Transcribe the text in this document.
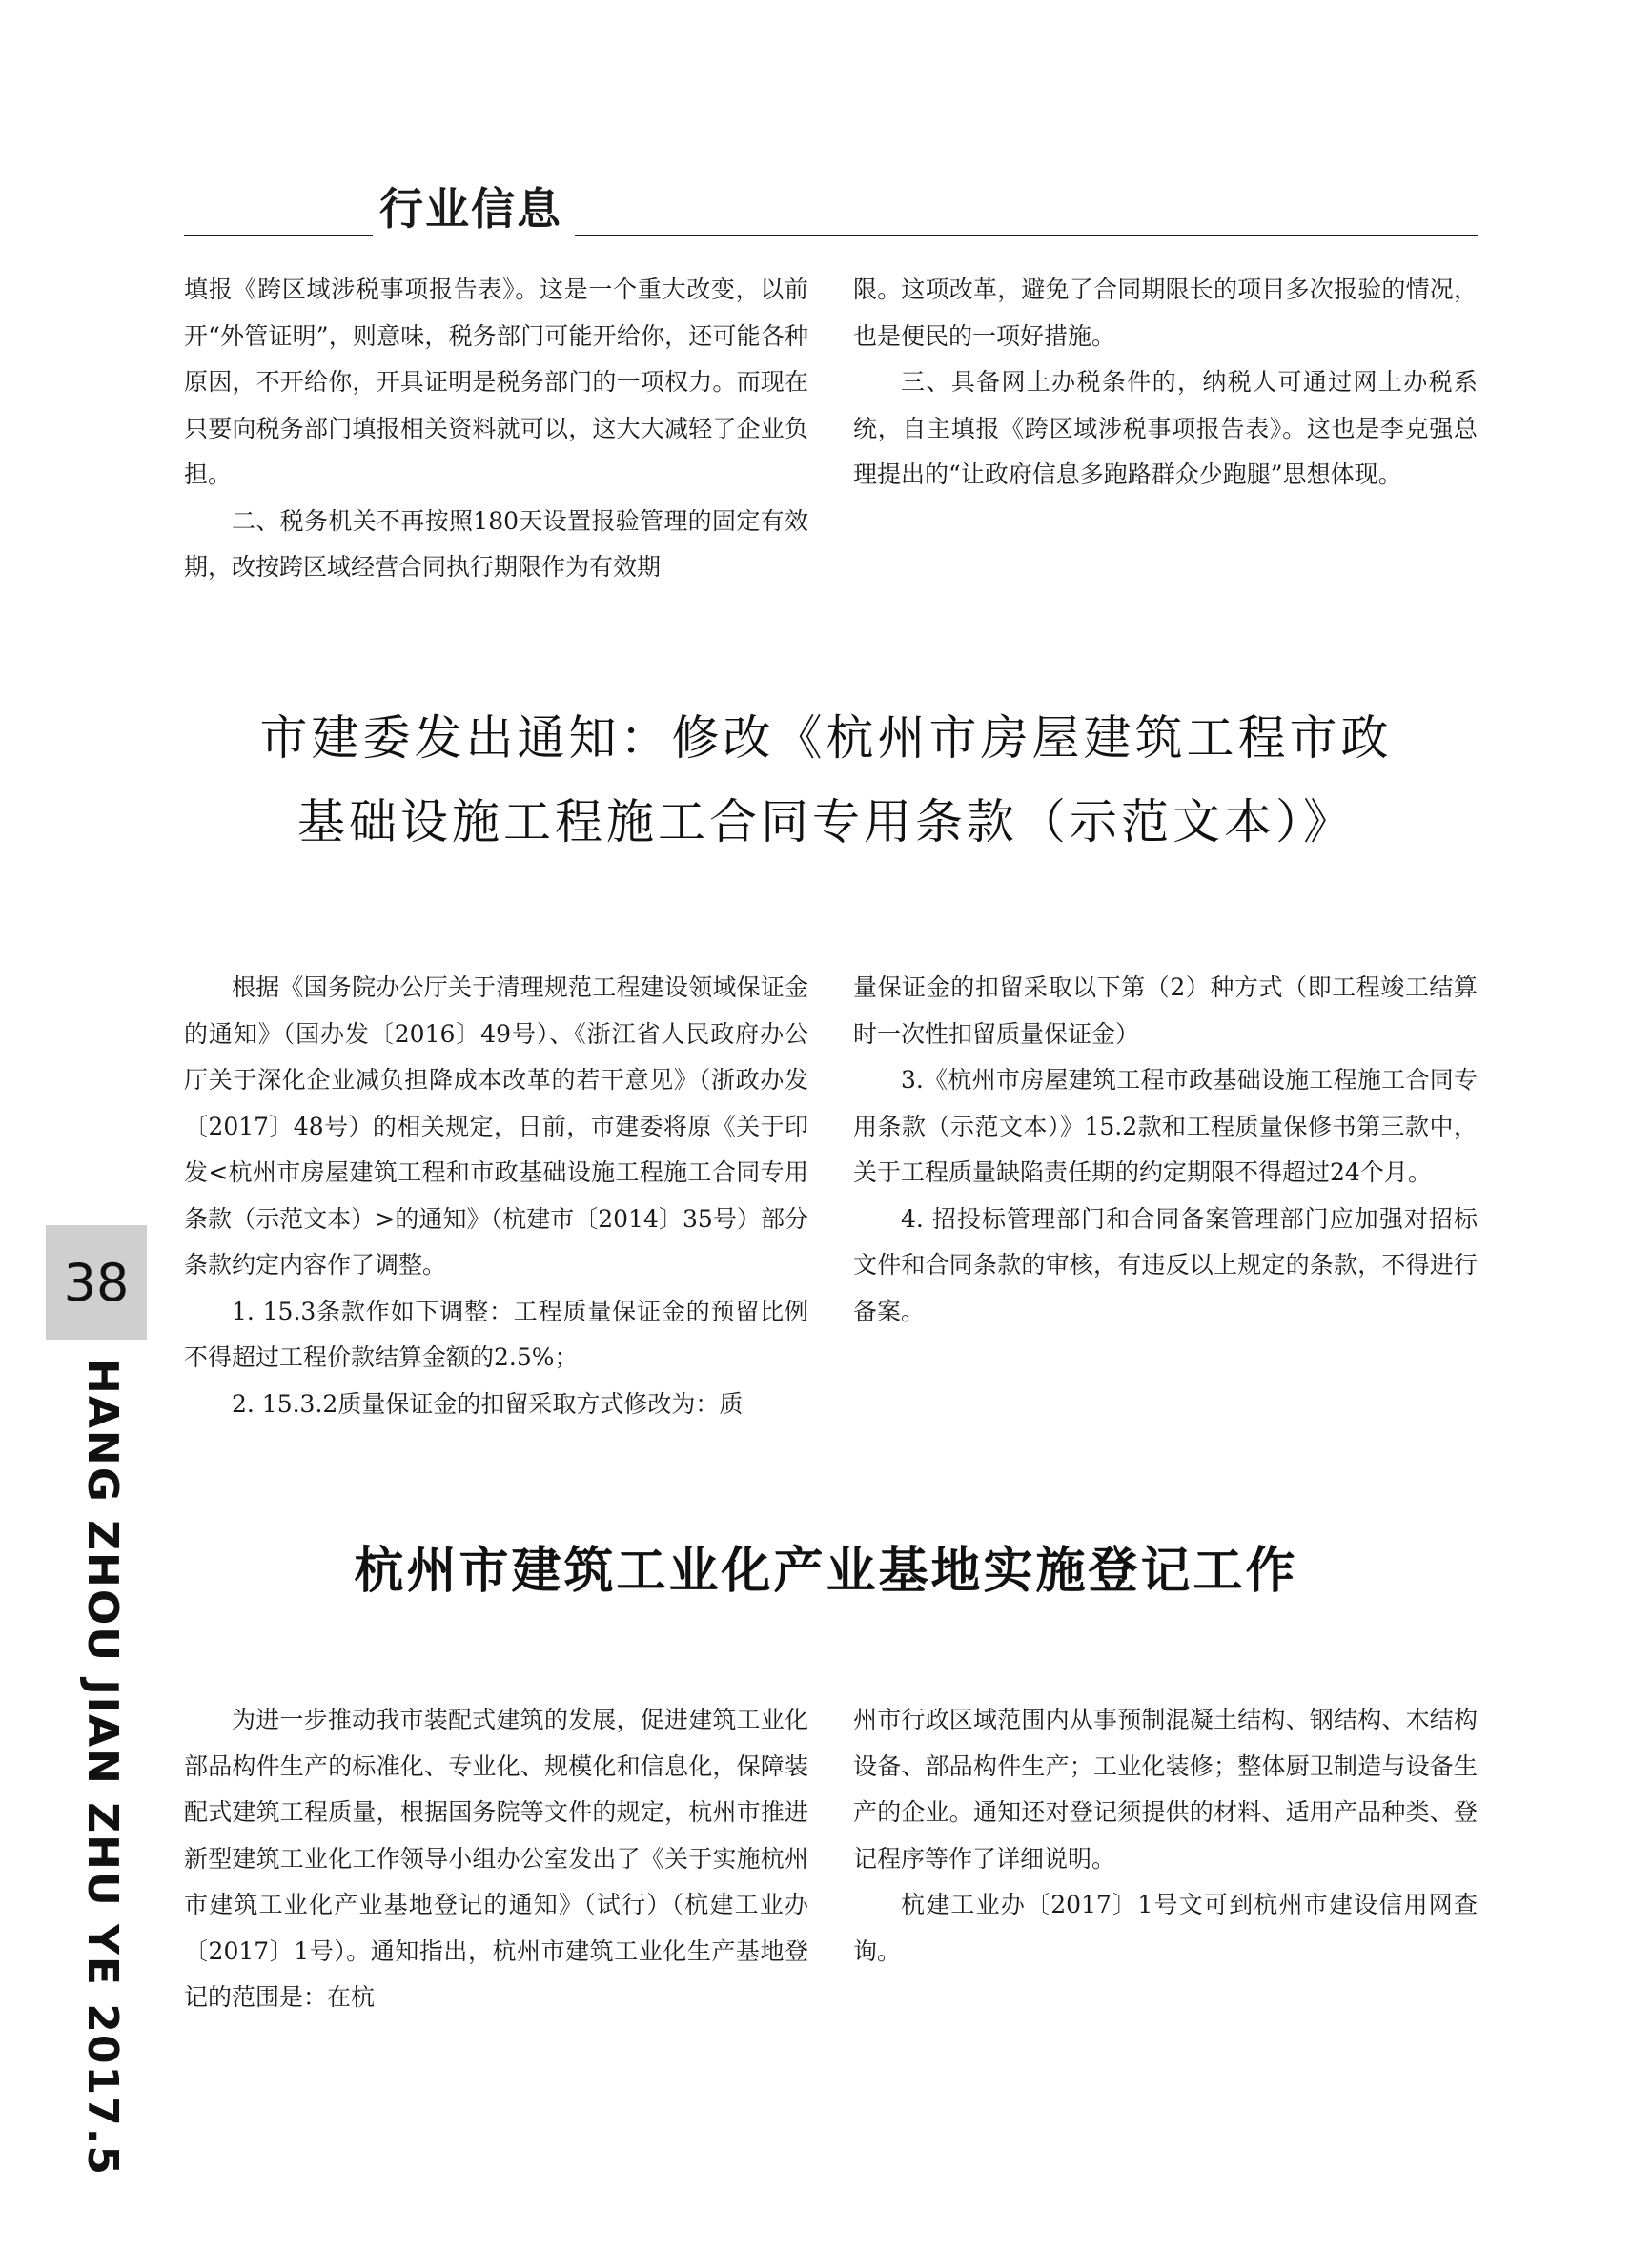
行业信息

填报《跨区域涉税事项报告表》。这是一个重大改变，以前开“外管证明”，则意味，税务部门可能开给你，还可能各种原因，不开给你，开具证明是税务部门的一项权力。而现在只要向税务部门填报相关资料就可以，这大大减轻了企业负担。

二、税务机关不再按照180天设置报验管理的固定有效期，改按跨区域经营合同执行期限作为有效期

限。这项改革，避免了合同期限长的项目多次报验的情况，也是便民的一项好措施。

三、具备网上办税条件的，纳税人可通过网上办税系统，自主填报《跨区域涉税事项报告表》。这也是李克强总理提出的“让政府信息多跑路群众少跑腿”思想体现。

市建委发出通知：修改《杭州市房屋建筑工程市政
基础设施工程施工合同专用条款（示范文本）》

根据《国务院办公厅关于清理规范工程建设领域保证金的通知》（国办发〔2016〕49号）、《浙江省人民政府办公厅关于深化企业减负担降成本改革的若干意见》（浙政办发〔2017〕48号）的相关规定，日前，市建委将原《关于印发<杭州市房屋建筑工程和市政基础设施工程施工合同专用条款（示范文本）>的通知》（杭建市〔2014〕35号）部分条款约定内容作了调整。

1. 15.3条款作如下调整：工程质量保证金的预留比例不得超过工程价款结算金额的2.5%；

2. 15.3.2质量保证金的扣留采取方式修改为：质

量保证金的扣留采取以下第（2）种方式（即工程竣工结算时一次性扣留质量保证金）

3.《杭州市房屋建筑工程市政基础设施工程施工合同专用条款（示范文本）》15.2款和工程质量保修书第三款中，关于工程质量缺陷责任期的约定期限不得超过24个月。

4. 招投标管理部门和合同备案管理部门应加强对招标文件和合同条款的审核，有违反以上规定的条款，不得进行备案。

杭州市建筑工业化产业基地实施登记工作

为进一步推动我市装配式建筑的发展，促进建筑工业化部品构件生产的标准化、专业化、规模化和信息化，保障装配式建筑工程质量，根据国务院等文件的规定，杭州市推进新型建筑工业化工作领导小组办公室发出了《关于实施杭州市建筑工业化产业基地登记的通知》（试行）（杭建工业办〔2017〕1号）。通知指出，杭州市建筑工业化生产基地登记的范围是：在杭

州市行政区域范围内从事预制混凝土结构、钢结构、木结构设备、部品构件生产；工业化装修；整体厨卫制造与设备生产的企业。通知还对登记须提供的材料、适用产品种类、登记程序等作了详细说明。

杭建工业办〔2017〕1号文可到杭州市建设信用网查询。

38
HANG ZHOU JIAN ZHU YE 2017.5
